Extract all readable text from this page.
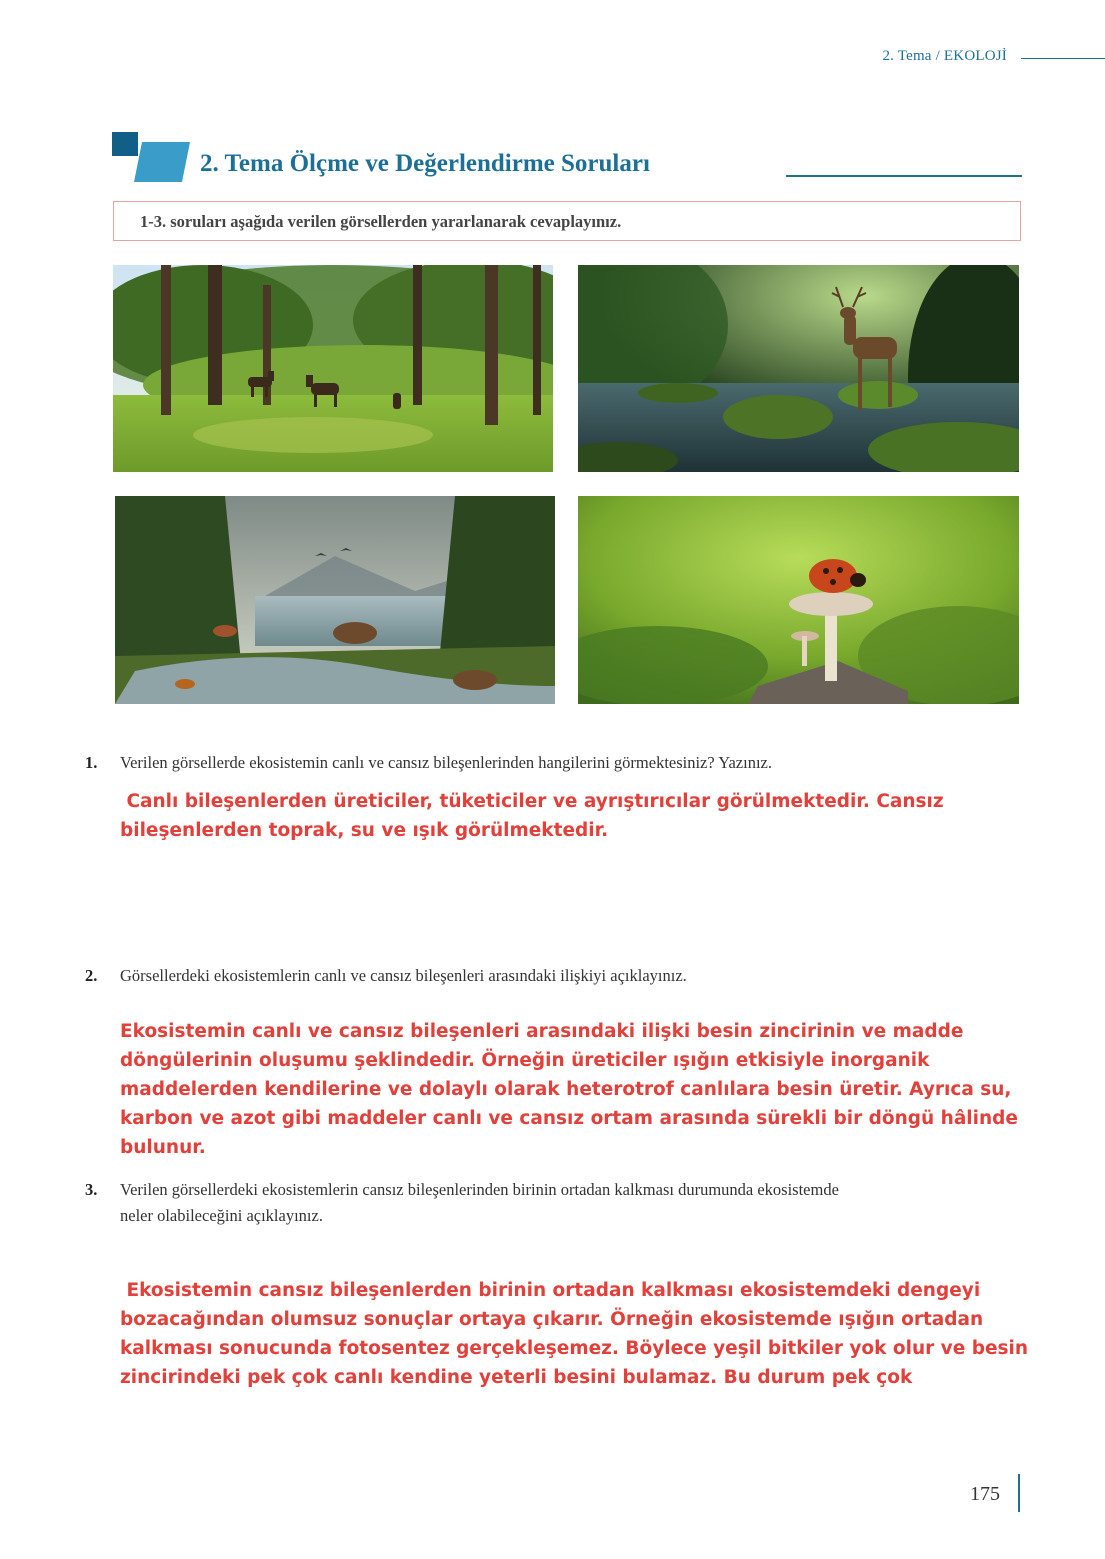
2. Tema / EKOLOJİ
2. Tema Ölçme ve Değerlendirme Soruları
1-3. soruları aşağıda verilen görsellerden yararlanarak cevaplayınız.
1. Verilen görsellerde ekosistemin canlı ve cansız bileşenlerinden hangilerini görmektesiniz? Yazınız.
Canlı bileşenlerden üreticiler, tüketiciler ve ayrıştırıcılar görülmektedir. Cansız
bileşenlerden toprak, su ve ışık görülmektedir.
2. Görsellerdeki ekosistemlerin canlı ve cansız bileşenleri arasındaki ilişkiyi açıklayınız.
Ekosistemin canlı ve cansız bileşenleri arasındaki ilişki besin zincirinin ve madde
döngülerinin oluşumu şeklindedir. Örneğin üreticiler ışığın etkisiyle inorganik
maddelerden kendilerine ve dolaylı olarak heterotrof canlılara besin üretir. Ayrıca su,
karbon ve azot gibi maddeler canlı ve cansız ortam arasında sürekli bir döngü hâlinde
bulunur.
3. Verilen görsellerdeki ekosistemlerin cansız bileşenlerinden birinin ortadan kalkması durumunda ekosistemde
neler olabileceğini açıklayınız.
Ekosistemin cansız bileşenlerden birinin ortadan kalkması ekosistemdeki dengeyi
bozacağından olumsuz sonuçlar ortaya çıkarır. Örneğin ekosistemde ışığın ortadan
kalkması sonucunda fotosentez gerçekleşemez. Böylece yeşil bitkiler yok olur ve besin
zincirindeki pek çok canlı kendine yeterli besini bulamaz. Bu durum pek çok
175
